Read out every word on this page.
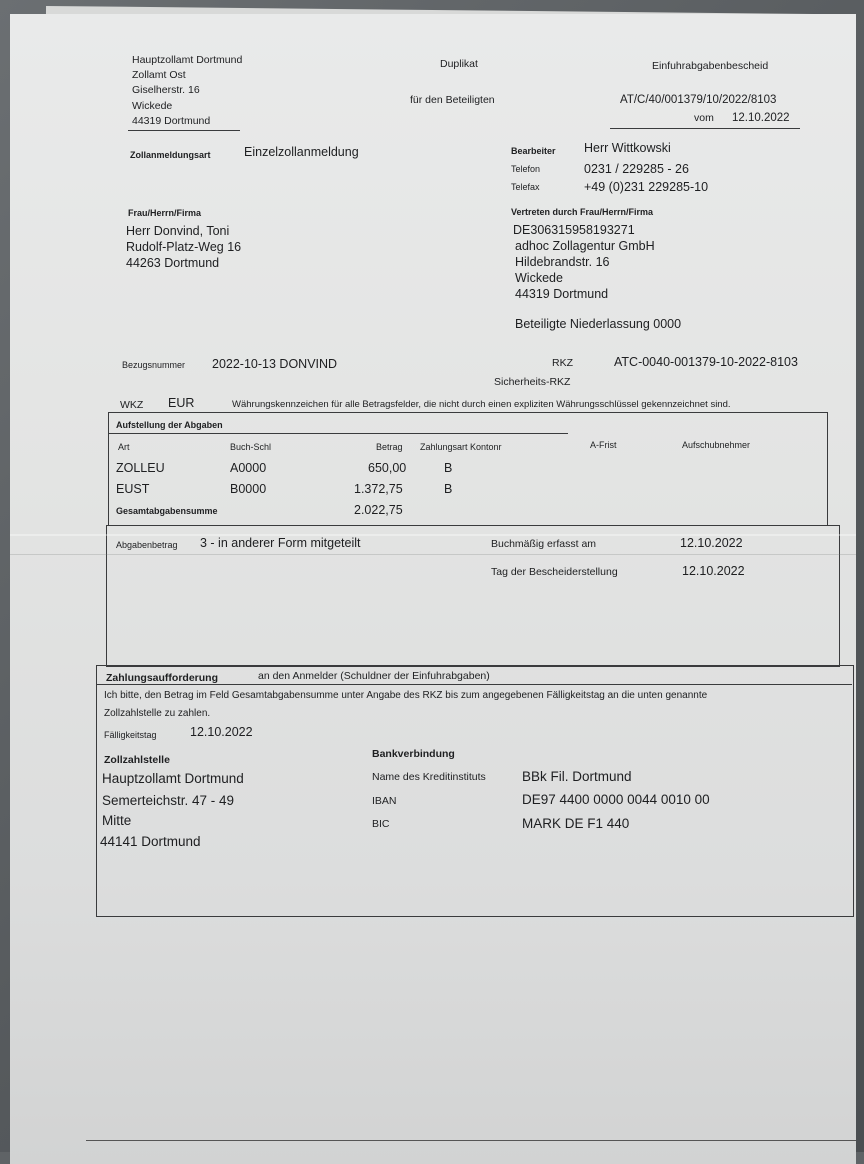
Hauptzollamt Dortmund
Zollamt Ost
Giselherstr. 16
Wickede
44319 Dortmund
Duplikat
für den Beteiligten
Einfuhrabgabenbescheid
AT/C/40/001379/10/2022/8103
vom 12.10.2022
Zollanmeldungsart	Einzelzollanmeldung	Bearbeiter Herr Wittkowski
Telefon	0231 / 229285 - 26
Telefax	+49 (0)231 229285-10
Frau/Herrn/Firma
Herr Donvind, Toni
Rudolf-Platz-Weg 16
44263 Dortmund
Vertreten durch Frau/Herrn/Firma
DE306315958193271
adhoc Zollagentur GmbH
Hildebrandstr. 16
Wickede
44319 Dortmund
Beteiligte Niederlassung 0000
Bezugsnummer 2022-10-13 DONVIND	RKZ	ATC-0040-001379-10-2022-8103
Sicherheits-RKZ
WKZ EUR	Währungskennzeichen für alle Betragsfelder, die nicht durch einen expliziten Währungsschlüssel gekennzeichnet sind.
Aufstellung der Abgaben
Art	Buch-Schl	Betrag Zahlungsart Kontonr	A-Frist	Aufschubnehmer
ZOLLEU	A0000	650,00	B
EUST	B0000	1.372,75	B
Gesamtabgabensumme	2.022,75
Abgabenbetrag 3 - in anderer Form mitgeteilt	Buchmäßig erfasst am	12.10.2022
Tag der Bescheiderstellung	12.10.2022
Zahlungsaufforderung	an den Anmelder (Schuldner der Einfuhrabgaben)
Ich bitte, den Betrag im Feld Gesamtabgabensumme unter Angabe des RKZ bis zum angegebenen Fälligkeitstag an die unten genannte
Zollzahlstelle zu zahlen.
Fälligkeitstag	12.10.2022
Zollzahlstelle
Hauptzollamt Dortmund
Semerteichstr. 47 - 49
Mitte
44141 Dortmund
Bankverbindung
Name des Kreditinstituts	BBk Fil. Dortmund
IBAN	DE97 4400 0000 0044 0010 00
BIC	MARK DE F1 440
